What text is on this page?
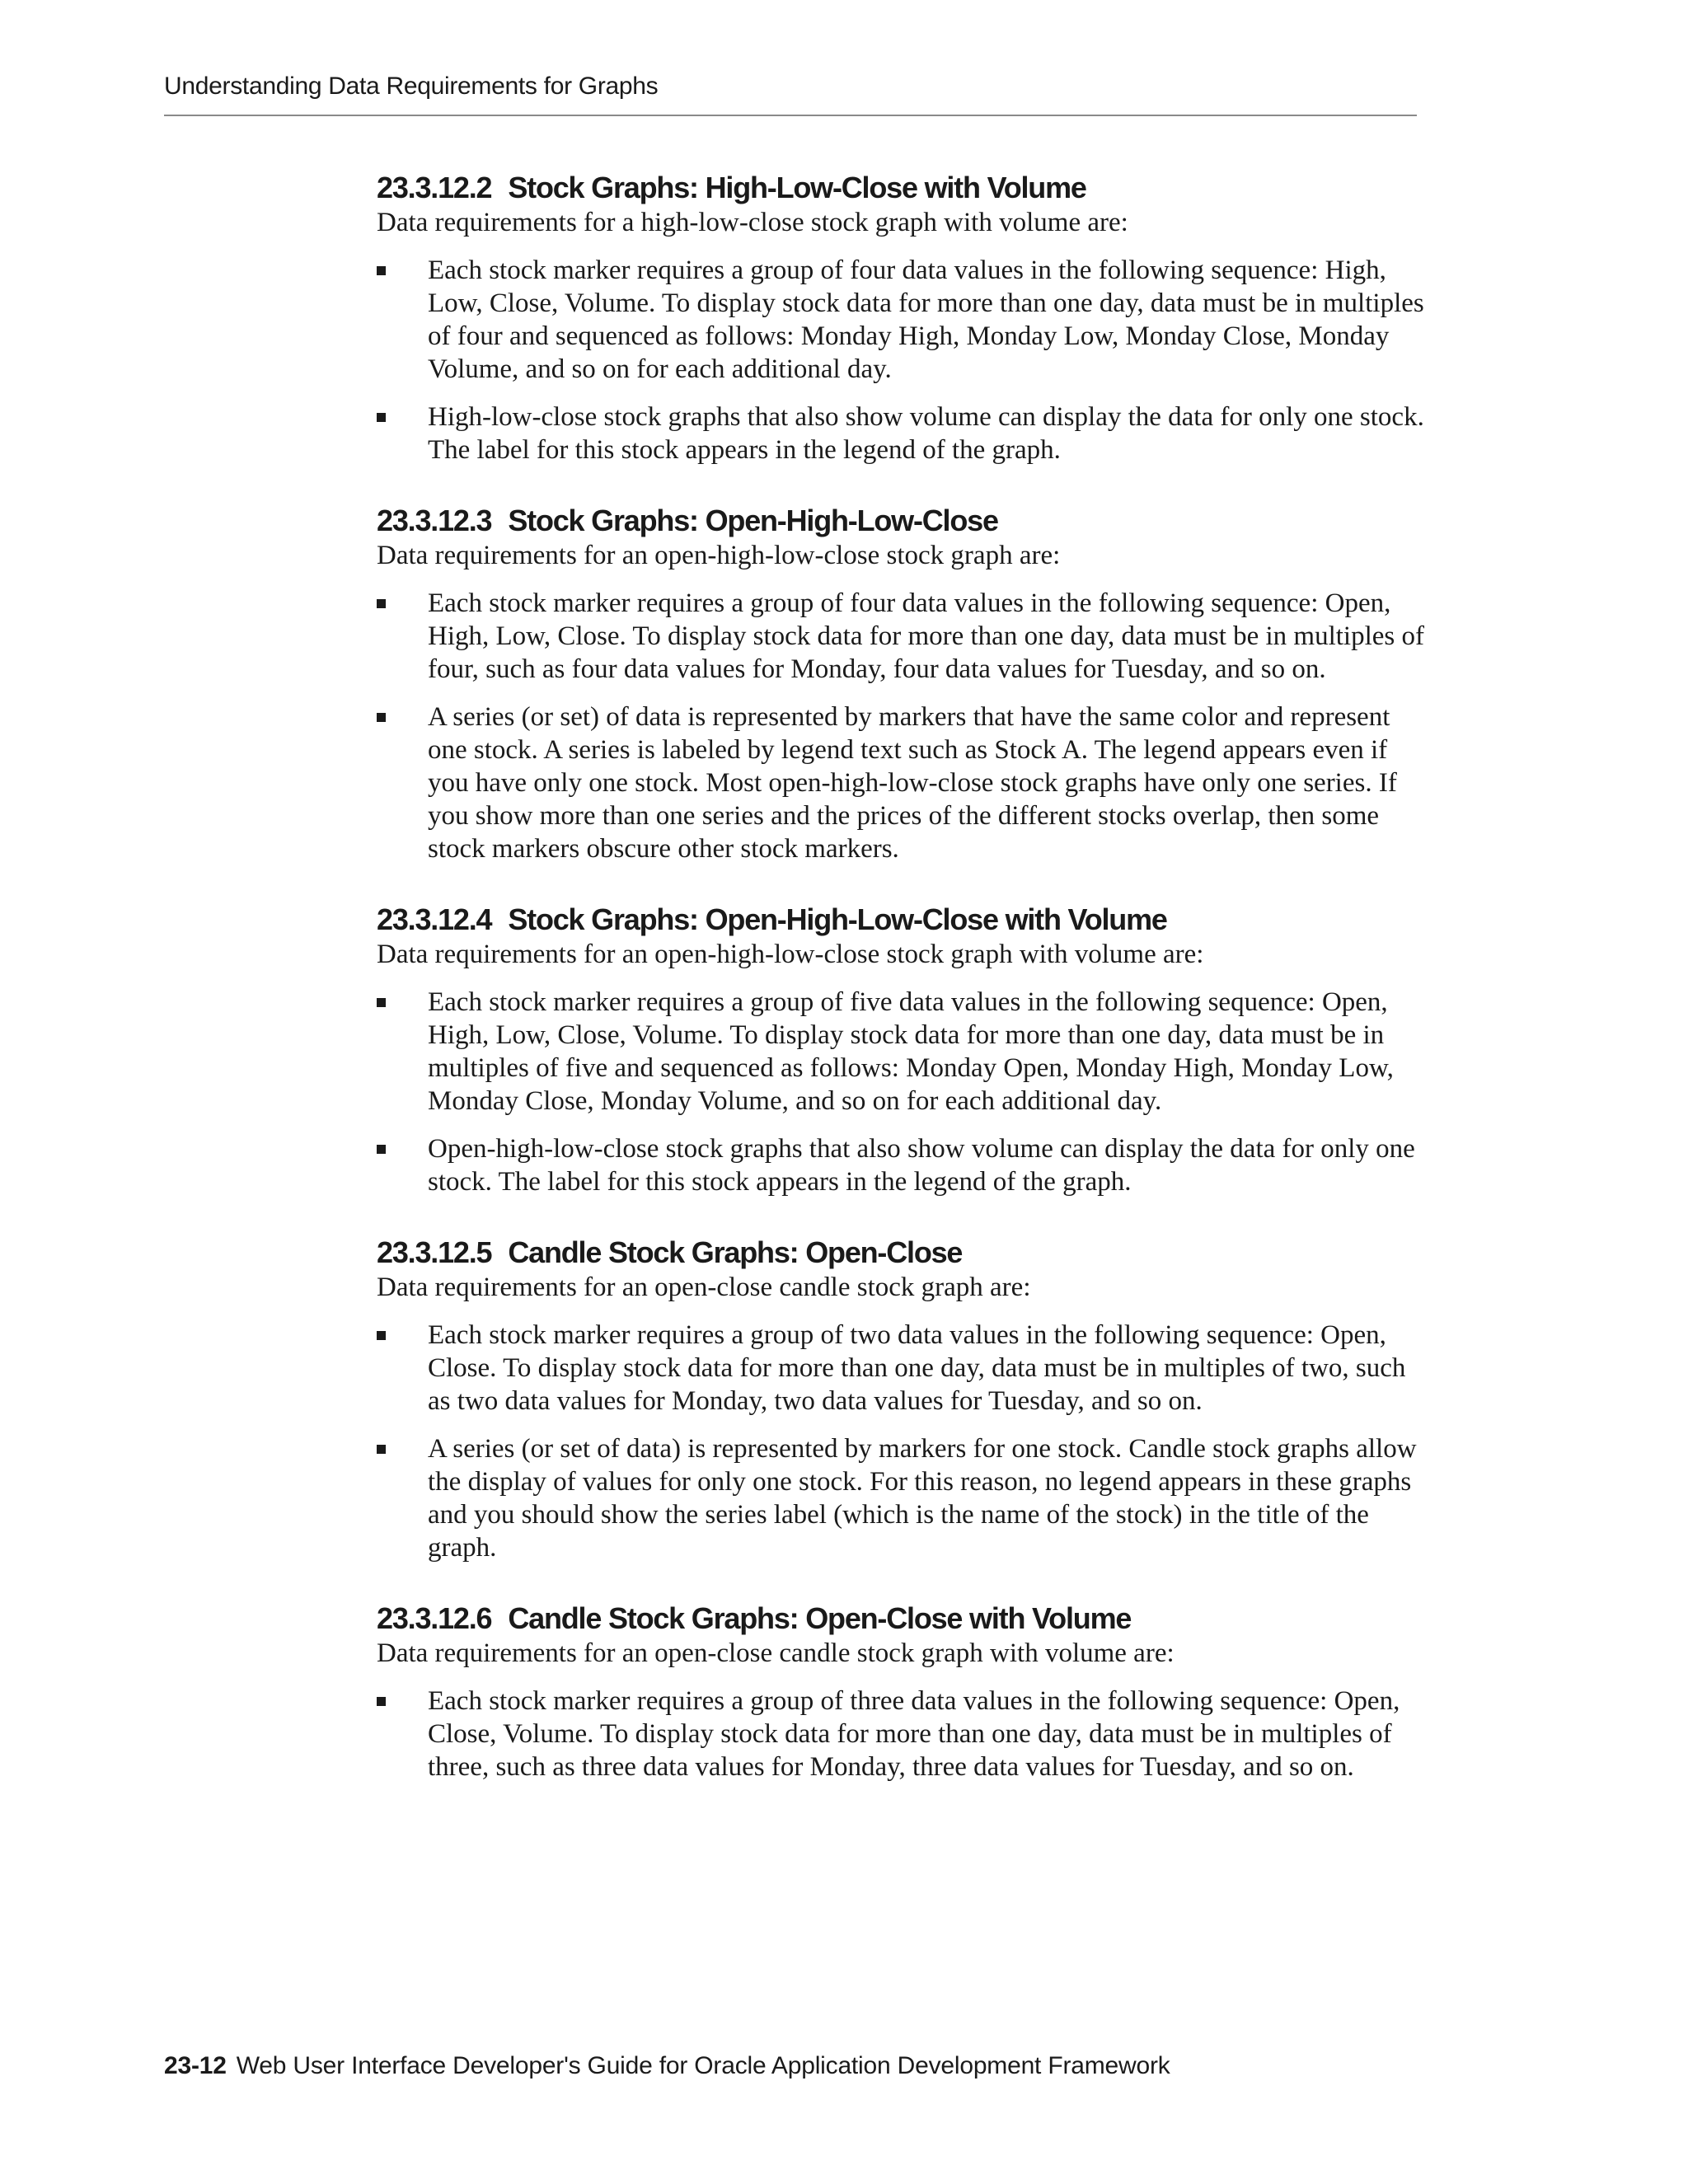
Understanding Data Requirements for Graphs
23.3.12.2 Stock Graphs: High-Low-Close with Volume

Data requirements for a high-low-close stock graph with volume are:

Each stock marker requires a group of four data values in the following sequence: High, Low, Close, Volume. To display stock data for more than one day, data must be in multiples of four and sequenced as follows: Monday High, Monday Low, Monday Close, Monday Volume, and so on for each additional day.
High-low-close stock graphs that also show volume can display the data for only one stock. The label for this stock appears in the legend of the graph.
23.3.12.3 Stock Graphs: Open-High-Low-Close

Data requirements for an open-high-low-close stock graph are:

Each stock marker requires a group of four data values in the following sequence: Open, High, Low, Close. To display stock data for more than one day, data must be in multiples of four, such as four data values for Monday, four data values for Tuesday, and so on.
A series (or set) of data is represented by markers that have the same color and represent one stock. A series is labeled by legend text such as Stock A. The legend appears even if you have only one stock. Most open-high-low-close stock graphs have only one series. If you show more than one series and the prices of the different stocks overlap, then some stock markers obscure other stock markers.
23.3.12.4 Stock Graphs: Open-High-Low-Close with Volume

Data requirements for an open-high-low-close stock graph with volume are:

Each stock marker requires a group of five data values in the following sequence: Open, High, Low, Close, Volume. To display stock data for more than one day, data must be in multiples of five and sequenced as follows: Monday Open, Monday High, Monday Low, Monday Close, Monday Volume, and so on for each additional day.
Open-high-low-close stock graphs that also show volume can display the data for only one stock. The label for this stock appears in the legend of the graph.
23.3.12.5 Candle Stock Graphs: Open-Close

Data requirements for an open-close candle stock graph are:

Each stock marker requires a group of two data values in the following sequence: Open, Close. To display stock data for more than one day, data must be in multiples of two, such as two data values for Monday, two data values for Tuesday, and so on.
A series (or set of data) is represented by markers for one stock. Candle stock graphs allow the display of values for only one stock. For this reason, no legend appears in these graphs and you should show the series label (which is the name of the stock) in the title of the graph.
23.3.12.6 Candle Stock Graphs: Open-Close with Volume

Data requirements for an open-close candle stock graph with volume are:

Each stock marker requires a group of three data values in the following sequence: Open, Close, Volume. To display stock data for more than one day, data must be in multiples of three, such as three data values for Monday, three data values for Tuesday, and so on.
23-12 Web User Interface Developer's Guide for Oracle Application Development Framework
